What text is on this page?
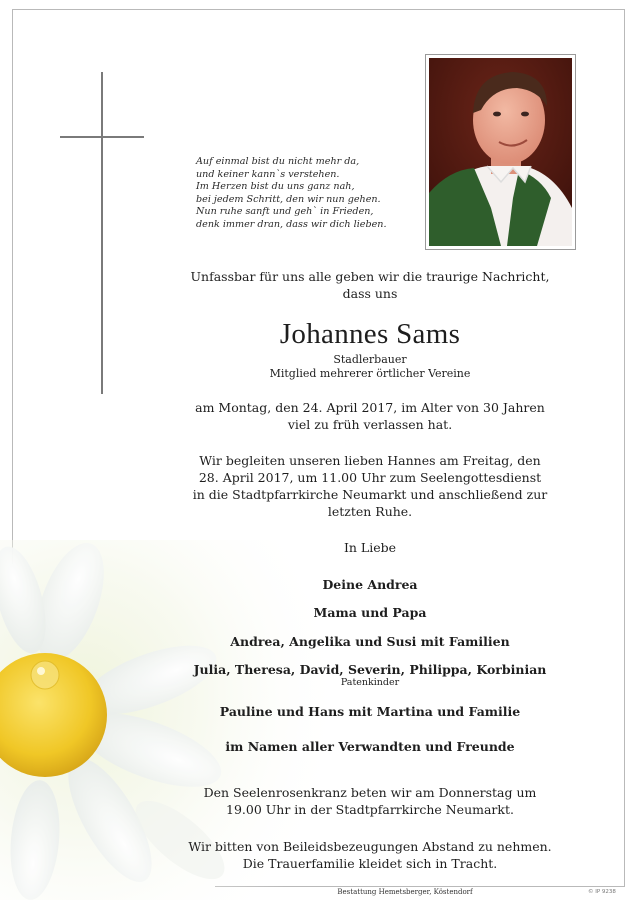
Auf einmal bist du nicht mehr da,
und keiner kann`s verstehen.
Im Herzen bist du uns ganz nah,
bei jedem Schritt, den wir nun gehen.
Nun ruhe sanft und geh` in Frieden,
denk immer dran, dass wir dich lieben.
Unfassbar für uns alle geben wir die traurige Nachricht,
dass uns
Johannes Sams
Stadlerbauer
Mitglied mehrerer örtlicher Vereine
am Montag, den 24. April 2017, im Alter von 30 Jahren
viel zu früh verlassen hat.
Wir begleiten unseren lieben Hannes am Freitag, den
28. April 2017, um 11.00 Uhr zum Seelengottesdienst
in die Stadtpfarrkirche Neumarkt und anschließend zur
letzten Ruhe.
In Liebe
Deine Andrea
Mama und Papa
Andrea, Angelika und Susi mit Familien
Julia, Theresa, David, Severin, Philippa, Korbinian
Patenkinder
Pauline und Hans mit Martina und Familie
im Namen aller Verwandten und Freunde
Den Seelenrosenkranz beten wir am Donnerstag um
19.00 Uhr in der Stadtpfarrkirche Neumarkt.
Wir bitten von Beileidsbezeugungen Abstand zu nehmen.
Die Trauerfamilie kleidet sich in Tracht.
Bestattung Hemetsberger, Köstendorf	© IP 9238
